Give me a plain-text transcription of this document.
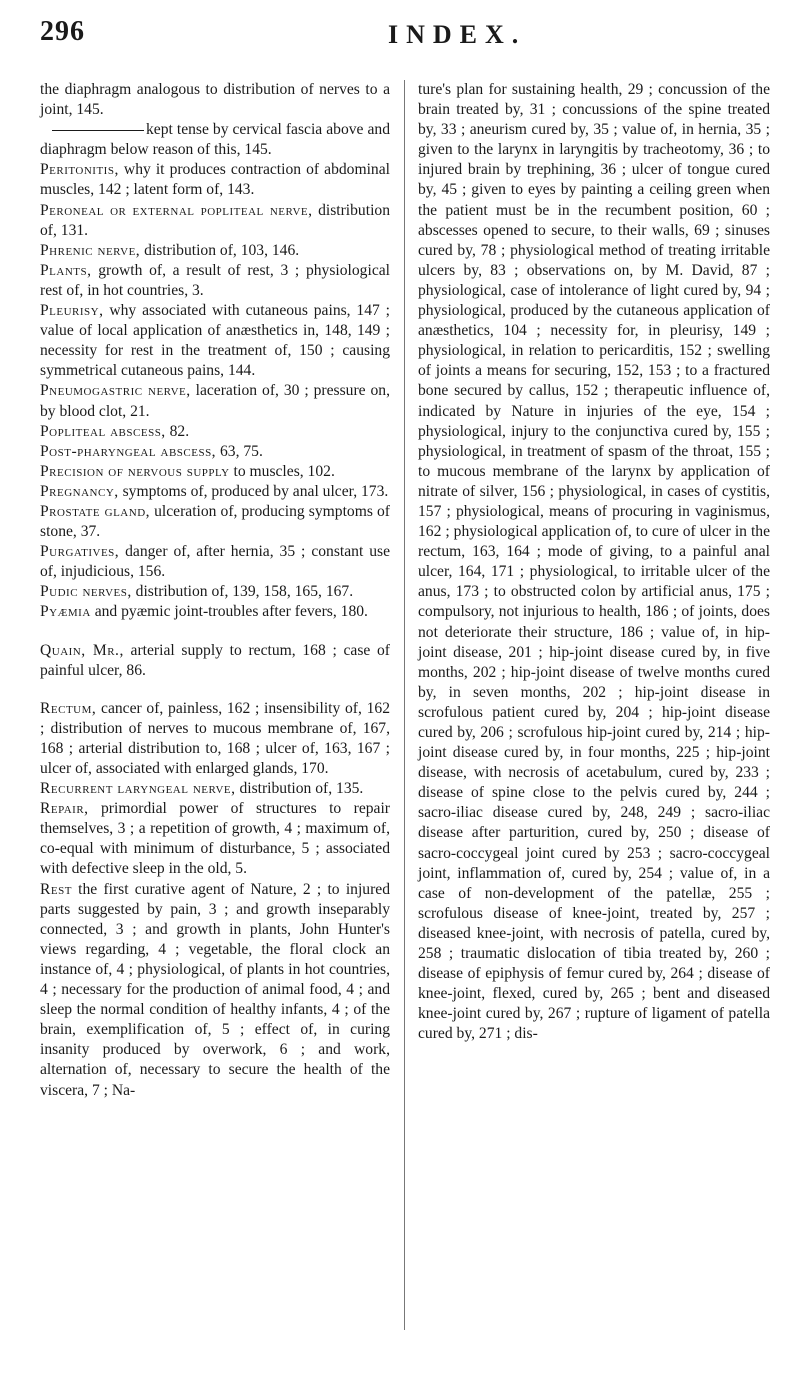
296	INDEX.

the diaphragm analogous to distribution of nerves to a joint, 145.

kept tense by cervical fascia above and diaphragm below reason of this, 145.

Peritonitis, why it produces contraction of abdominal muscles, 142 ; latent form of, 143.

Peroneal or external popliteal nerve, distribution of, 131.

Phrenic nerve, distribution of, 103, 146.

Plants, growth of, a result of rest, 3 ; physiological rest of, in hot countries, 3.

Pleurisy, why associated with cutaneous pains, 147 ; value of local application of anæsthetics in, 148, 149 ; necessity for rest in the treatment of, 150 ; causing symmetrical cutaneous pains, 144.

Pneumogastric nerve, laceration of, 30 ; pressure on, by blood clot, 21.

Popliteal abscess, 82.

Post-pharyngeal abscess, 63, 75.

Precision of nervous supply to muscles, 102.

Pregnancy, symptoms of, produced by anal ulcer, 173.

Prostate gland, ulceration of, producing symptoms of stone, 37.

Purgatives, danger of, after hernia, 35 ; constant use of, injudicious, 156.

Pudic nerves, distribution of, 139, 158, 165, 167.

Pyæmia and pyæmic joint-troubles after fevers, 180.

Quain, Mr., arterial supply to rectum, 168 ; case of painful ulcer, 86.

Rectum, cancer of, painless, 162 ; insensibility of, 162 ; distribution of nerves to mucous membrane of, 167, 168 ; arterial distribution to, 168 ; ulcer of, 163, 167 ; ulcer of, associated with enlarged glands, 170.

Recurrent laryngeal nerve, distribution of, 135.

Repair, primordial power of structures to repair themselves, 3 ; a repetition of growth, 4 ; maximum of, co-equal with minimum of disturbance, 5 ; associated with defective sleep in the old, 5.

Rest the first curative agent of Nature, 2 ; to injured parts suggested by pain, 3 ; and growth inseparably connected, 3 ; and growth in plants, John Hunter's views regarding, 4 ; vegetable, the floral clock an instance of, 4 ; physiological, of plants in hot countries, 4 ; necessary for the production of animal food, 4 ; and sleep the normal condition of healthy infants, 4 ; of the brain, exemplification of, 5 ; effect of, in curing insanity produced by overwork, 6 ; and work, alternation of, necessary to secure the health of the viscera, 7 ; Na-

ture's plan for sustaining health, 29 ; concussion of the brain treated by, 31 ; concussions of the spine treated by, 33 ; aneurism cured by, 35 ; value of, in hernia, 35 ; given to the larynx in laryngitis by tracheotomy, 36 ; to injured brain by trephining, 36 ; ulcer of tongue cured by, 45 ; given to eyes by painting a ceiling green when the patient must be in the recumbent position, 60 ; abscesses opened to secure, to their walls, 69 ; sinuses cured by, 78 ; physiological method of treating irritable ulcers by, 83 ; observations on, by M. David, 87 ; physiological, case of intolerance of light cured by, 94 ; physiological, produced by the cutaneous application of anæsthetics, 104 ; necessity for, in pleurisy, 149 ; physiological, in relation to pericarditis, 152 ; swelling of joints a means for securing, 152, 153 ; to a fractured bone secured by callus, 152 ; therapeutic influence of, indicated by Nature in injuries of the eye, 154 ; physiological, injury to the conjunctiva cured by, 155 ; physiological, in treatment of spasm of the throat, 155 ; to mucous membrane of the larynx by application of nitrate of silver, 156 ; physiological, in cases of cystitis, 157 ; physiological, means of procuring in vaginismus, 162 ; physiological application of, to cure of ulcer in the rectum, 163, 164 ; mode of giving, to a painful anal ulcer, 164, 171 ; physiological, to irritable ulcer of the anus, 173 ; to obstructed colon by artificial anus, 175 ; compulsory, not injurious to health, 186 ; of joints, does not deteriorate their structure, 186 ; value of, in hip-joint disease, 201 ; hip-joint disease cured by, in five months, 202 ; hip-joint disease of twelve months cured by, in seven months, 202 ; hip-joint disease in scrofulous patient cured by, 204 ; hip-joint disease cured by, 206 ; scrofulous hip-joint cured by, 214 ; hip-joint disease cured by, in four months, 225 ; hip-joint disease, with necrosis of acetabulum, cured by, 233 ; disease of spine close to the pelvis cured by, 244 ; sacro-iliac disease cured by, 248, 249 ; sacro-iliac disease after parturition, cured by, 250 ; disease of sacro-coccygeal joint cured by 253 ; sacro-coccygeal joint, inflammation of, cured by, 254 ; value of, in a case of non-development of the patellæ, 255 ; scrofulous disease of knee-joint, treated by, 257 ; diseased knee-joint, with necrosis of patella, cured by, 258 ; traumatic dislocation of tibia treated by, 260 ; disease of epiphysis of femur cured by, 264 ; disease of knee-joint, flexed, cured by, 265 ; bent and diseased knee-joint cured by, 267 ; rupture of ligament of patella cured by, 271 ; dis-
